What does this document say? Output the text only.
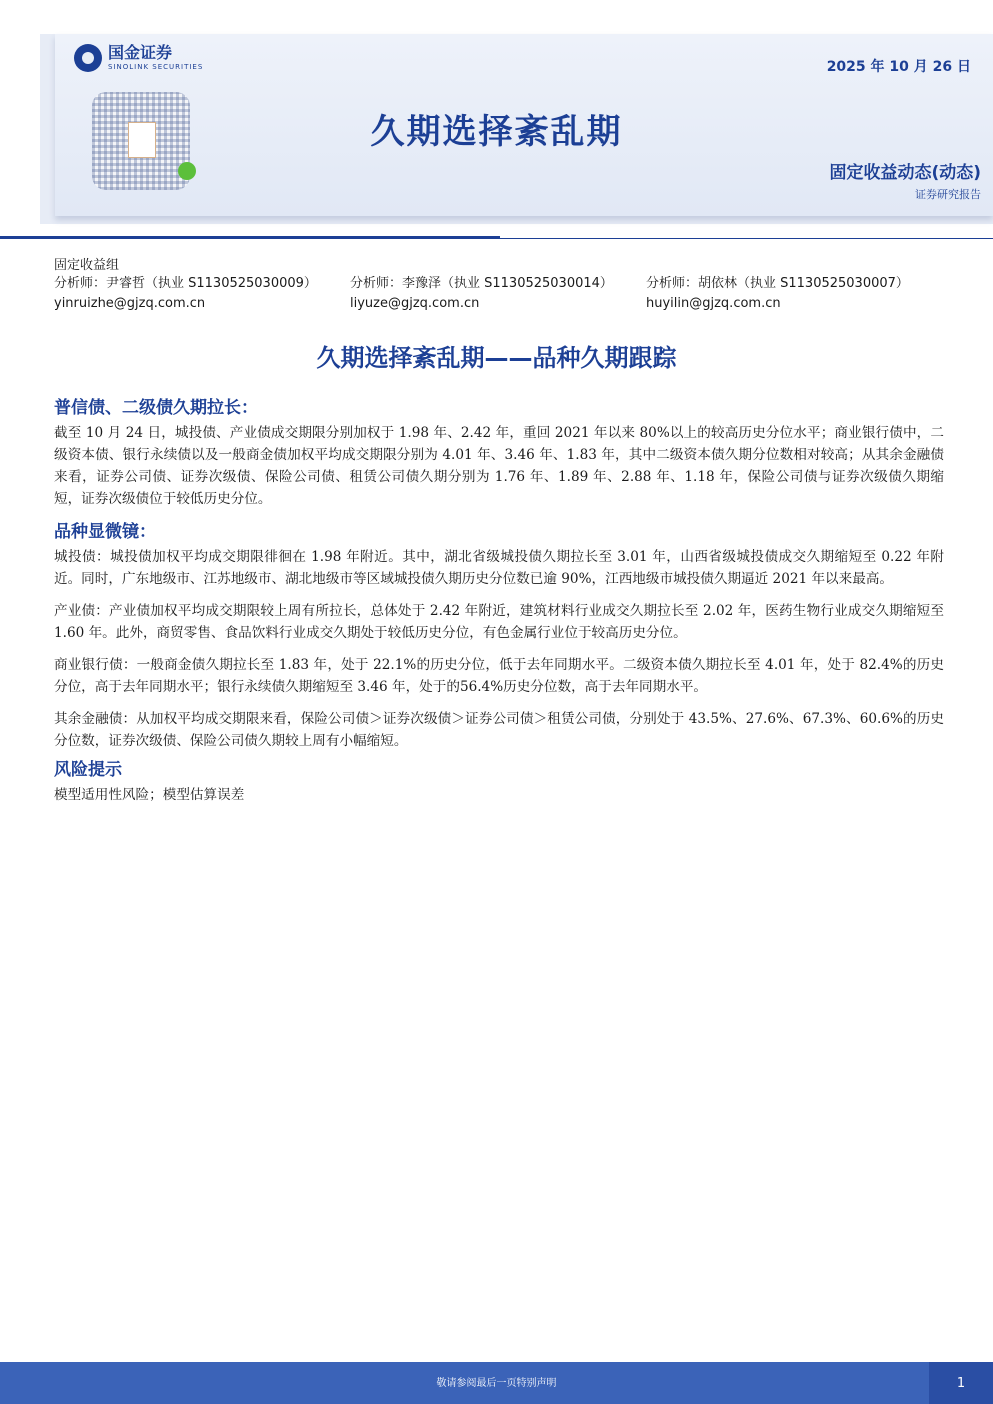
国金证券
SINOLINK SECURITIES	2025 年 10 月 26 日
久期选择紊乱期
固定收益动态(动态)
证券研究报告
固定收益组
分析师：尹睿哲（执业 S1130525030009）
yinruizhe@gjzq.com.cn
分析师：李豫泽（执业 S1130525030014）
liyuze@gjzq.com.cn
分析师：胡依林（执业 S1130525030007）
huyilin@gjzq.com.cn
久期选择紊乱期——品种久期跟踪
普信债、二级债久期拉长：

截至 10 月 24 日，城投债、产业债成交期限分别加权于 1.98 年、2.42 年，重回 2021 年以来 80%以上的较高历史分位水平；商业银行债中，二级资本债、银行永续债以及一般商金债加权平均成交期限分别为 4.01 年、3.46 年、1.83 年，其中二级资本债久期分位数相对较高；从其余金融债来看，证券公司债、证券次级债、保险公司债、租赁公司债久期分别为 1.76 年、1.89 年、2.88 年、1.18 年，保险公司债与证券次级债久期缩短，证券次级债位于较低历史分位。

品种显微镜：

城投债：城投债加权平均成交期限徘徊在 1.98 年附近。其中，湖北省级城投债久期拉长至 3.01 年，山西省级城投债成交久期缩短至 0.22 年附近。同时，广东地级市、江苏地级市、湖北地级市等区域城投债久期历史分位数已逾 90%，江西地级市城投债久期逼近 2021 年以来最高。

产业债：产业债加权平均成交期限较上周有所拉长，总体处于 2.42 年附近，建筑材料行业成交久期拉长至 2.02 年，医药生物行业成交久期缩短至 1.60 年。此外，商贸零售、食品饮料行业成交久期处于较低历史分位，有色金属行业位于较高历史分位。

商业银行债：一般商金债久期拉长至 1.83 年，处于 22.1%的历史分位，低于去年同期水平。二级资本债久期拉长至 4.01 年，处于 82.4%的历史分位，高于去年同期水平；银行永续债久期缩短至 3.46 年，处于的56.4%历史分位数，高于去年同期水平。

其余金融债：从加权平均成交期限来看，保险公司债＞证券次级债＞证券公司债＞租赁公司债，分别处于 43.5%、27.6%、67.3%、60.6%的历史分位数，证券次级债、保险公司债久期较上周有小幅缩短。

风险提示

模型适用性风险；模型估算误差

敬请参阅最后一页特别声明	1
